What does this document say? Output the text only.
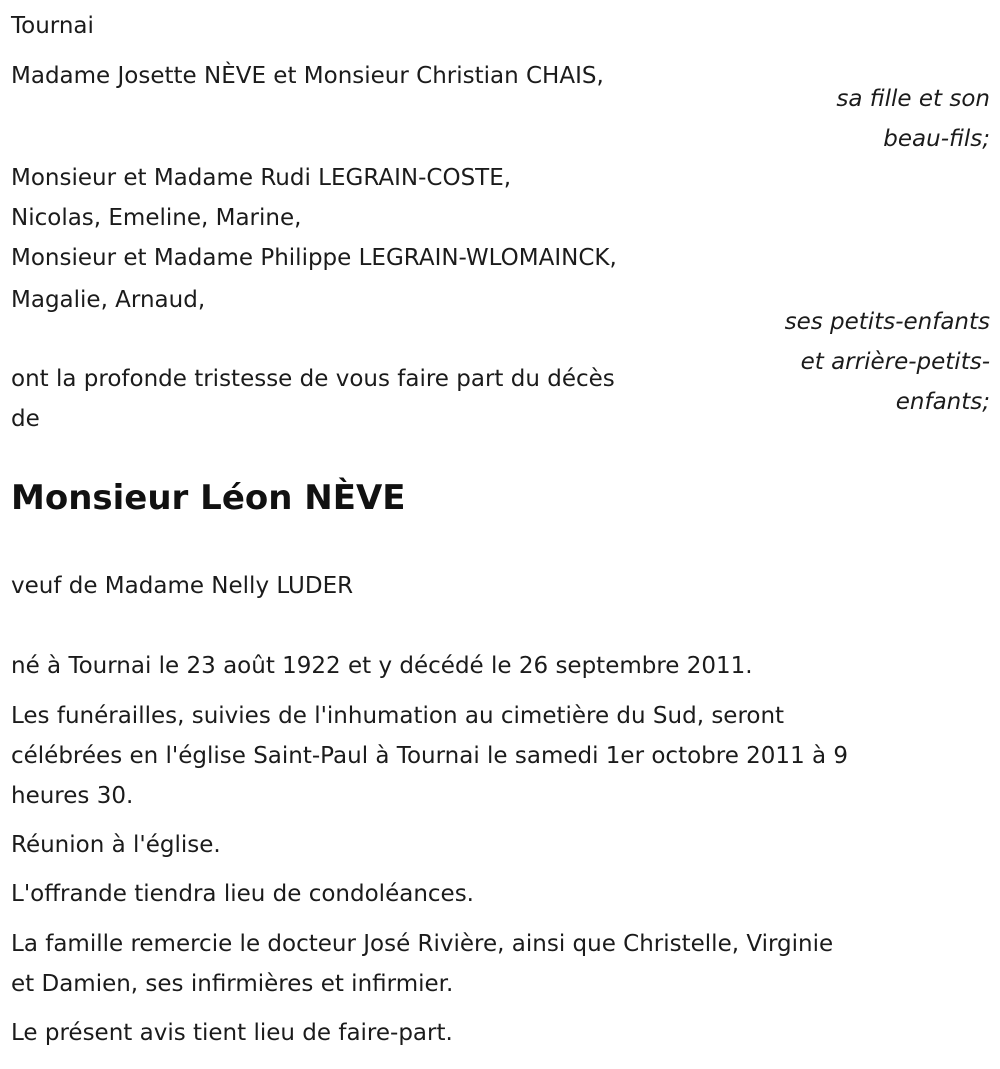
Tournai
Madame Josette NÈVE et Monsieur Christian CHAIS,
sa fille et son
beau-fils;
Monsieur et Madame Rudi LEGRAIN-COSTE,
Nicolas, Emeline, Marine,
Monsieur et Madame Philippe LEGRAIN-WLOMAINCK,
Magalie, Arnaud,
ses petits-enfants
et arrière-petits-
enfants;
ont la profonde tristesse de vous faire part du décès
de
Monsieur Léon NÈVE
veuf de Madame Nelly LUDER
né à Tournai le 23 août 1922 et y décédé le 26 septembre 2011.
Les funérailles, suivies de l'inhumation au cimetière du Sud, seront
célébrées en l'église Saint-Paul à Tournai le samedi 1er octobre 2011 à 9
heures 30.
Réunion à l'église.
L'offrande tiendra lieu de condoléances.
La famille remercie le docteur José Rivière, ainsi que Christelle, Virginie
et Damien, ses infirmières et infirmier.
Le présent avis tient lieu de faire-part.
